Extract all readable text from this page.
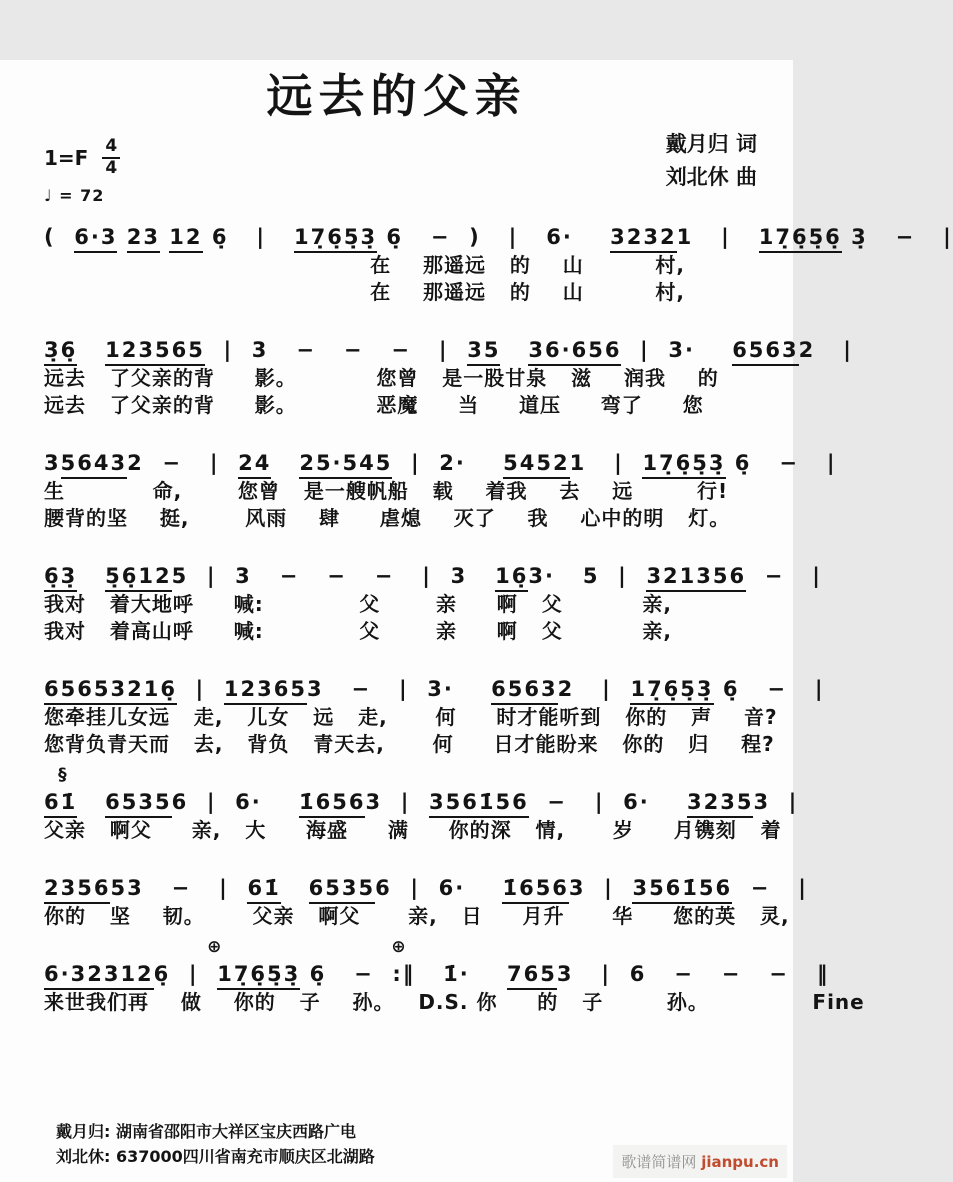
远去的父亲
$1=F \frac{4}{4}$
♩ = 72
戴月归 词
刘北休 曲
(  6·3 23 12 6̣   |   17̣6̣5̣3̣ 6̣   −  )   |   6·    32321   |   17̣6̣5̣6̣ 3̣   −   |
在    那遥远   的    山         村,
在    那遥远   的    山         村,
3̣6̣ 123565  |  3   −   −   −   |  35 36·656  |  3·    65632   |
远去   了父亲的背     影。          您曾   是一股甘泉   滋    润我    的
远去   了父亲的背     影。          恶魔     当     道压     弯了     您
356432  −   |  24 25·545  |  2·    54521   |  17̣6̣5̣3̣ 6̣   −   |
生           命,       您曾   是一艘帆船   载    着我    去    远        行!
腰背的坚    挺,       风雨    肆     虐熄    灭了    我    心中的明   灯。
6̣3̣ 5̣6̣125  |  3   −   −   −   |  3   16̣3·   5  |  321356  −   |
我对   着大地呼     喊:            父       亲     啊   父          亲,
我对   着高山呼     喊:            父       亲     啊   父          亲,
65653216̣  |  123653   −   |  3·    65632   |  17̣6̣5̣3̣ 6̣   −   |
您牵挂儿女远   走,   儿女   远   走,      何     时才能听到   你的   声    音?
您背负青天而   去,   背负   青天去,      何     日才能盼来   你的   归    程?
§
61̇ 65356  |  6·    1̇6563  |  3561̇56  −   |  6·    32353  |
父亲   啊父     亲,   大     海盛     满     你的深   情,      岁     月镌刻   着
235653   −   |  61̇ 65356  |  6·    1̇6563  |  3561̇56  −   |
你的   坚    韧。      父亲   啊父      亲,   日     月升      华     您的英   灵,
⊕	⊕
6·323126̣  |  17̣6̣5̣3̣ 6̣   −  :‖   1̇·    7653   |  6   −   −   −   ‖
来世我们再    做    你的   子    孙。   D.S. 你     的   子        孙。             Fine
戴月归: 湖南省邵阳市大祥区宝庆西路广电
刘北休: 637000四川省南充市顺庆区北湖路	歌谱简谱网 jianpu.cn
